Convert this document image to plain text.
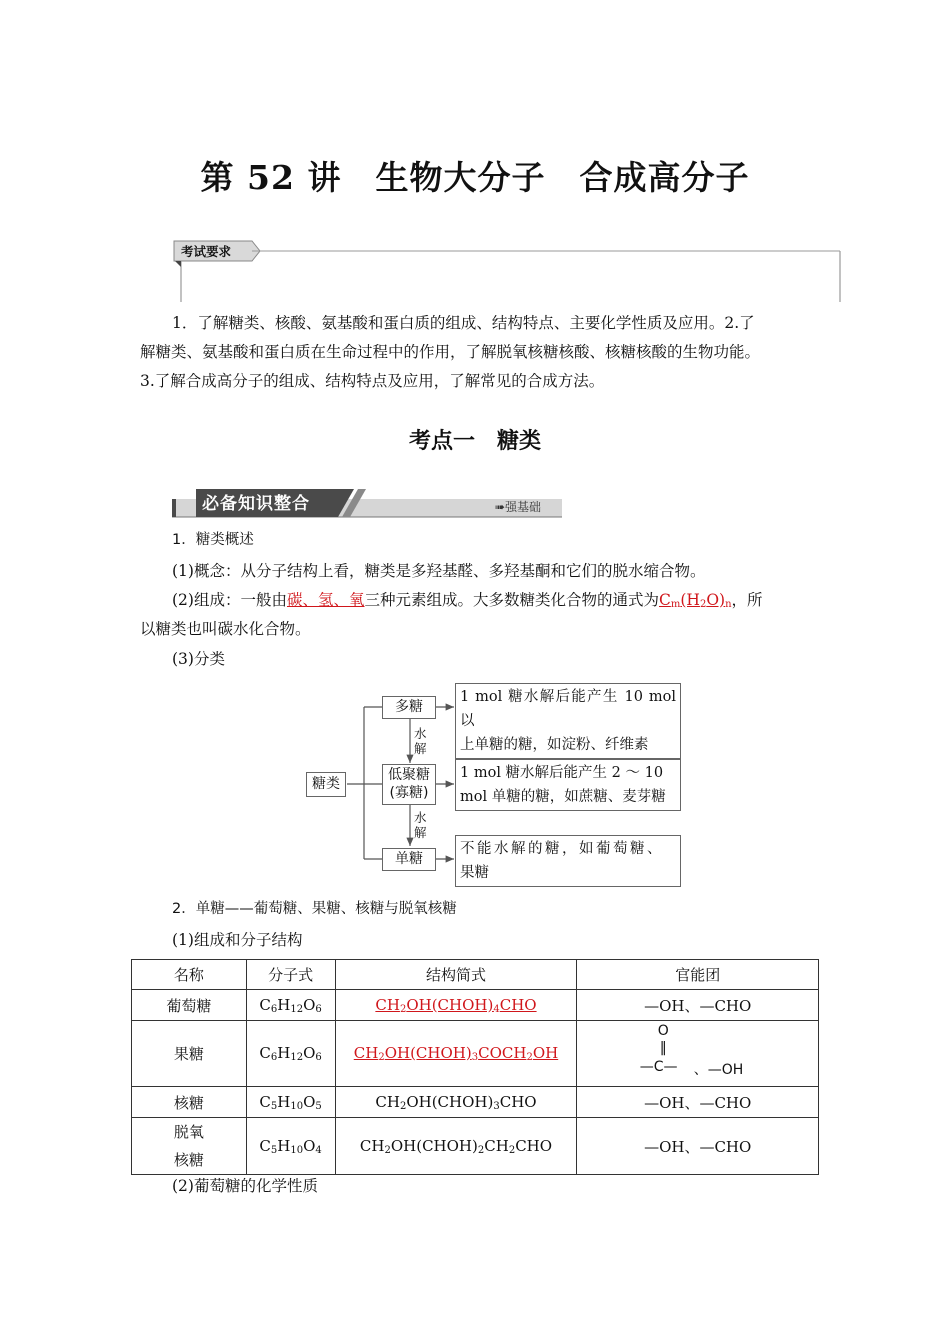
第 52 讲　生物大分子　合成高分子
考试要求
1．了解糖类、核酸、氨基酸和蛋白质的组成、结构特点、主要化学性质及应用。2.了
解糖类、氨基酸和蛋白质在生命过程中的作用，了解脱氧核糖核酸、核糖核酸的生物功能。
3.了解合成高分子的组成、结构特点及应用，了解常见的合成方法。
考点一　糖类
必备知识整合	➠强基础
1．糖类概述
(1)概念：从分子结构上看，糖类是多羟基醛、多羟基酮和它们的脱水缩合物。
(2)组成：一般由碳、氢、氧三种元素组成。大多数糖类化合物的通式为$C_m(H_2O)_n$，所
以糖类也叫碳水化合物。
(3)分类
糖类
多糖
低聚糖
(寡糖)
单糖
水
解
水
解
1 mol 糖水解后能产生 10 mol 以
上单糖的糖，如淀粉、纤维素
1 mol 糖水解后能产生 2 ～ 10
mol 单糖的糖，如蔗糖、麦芽糖
不能水解的糖，如葡萄糖、
果糖
2．单糖——葡萄糖、果糖、核糖与脱氧核糖
(1)组成和分子结构
名称	分子式	结构简式	官能团
葡萄糖	$C_6H_{12}O_6$	$CH_2OH(CHOH)_4CHO$	—OH、—CHO
果糖	$C_6H_{12}O_6$	$CH_2OH(CHOH)_3COCH_2OH$	O
‖
—C— 、—OH

核糖	$C_5H_{10}O_5$	$CH_2OH(CHOH)_3CHO$	—OH、—CHO

脱氧
核糖	$C_5H_{10}O_4$	$CH_2OH(CHOH)_2CH_2CHO$	—OH、—CHO
(2)葡萄糖的化学性质
